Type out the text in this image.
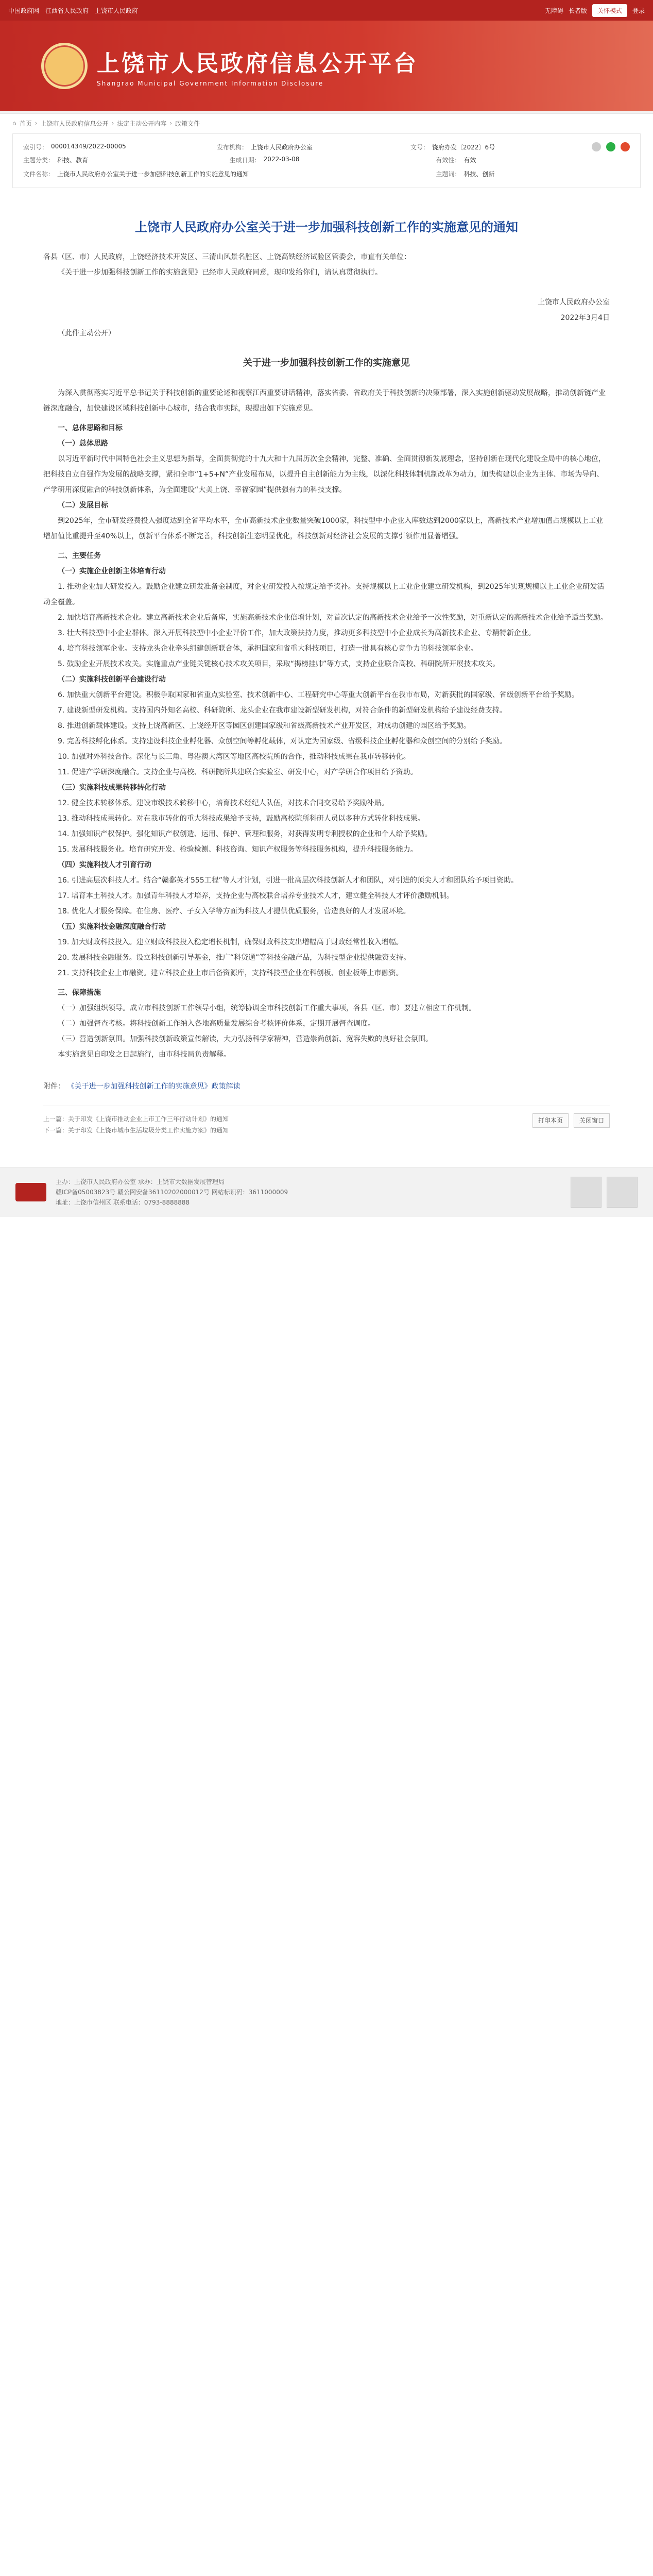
中国政府网 江西省人民政府 上饶市人民政府	无障碍 长者版	关怀模式	登录
上饶市人民政府信息公开平台
Shangrao Municipal Government Information Disclosure
⌂ 首页 › 上饶市人民政府信息公开 › 法定主动公开内容 › 政策文件
索引号： 000014349/2022-00005	发布机构： 上饶市人民政府办公室	文号： 饶府办发〔2022〕6号
主题分类： 科技、教育	生成日期： 2022-03-08	有效性： 有效
文件名称： 上饶市人民政府办公室关于进一步加强科技创新工作的实施意见的通知	主题词： 科技、创新
上饶市人民政府办公室关于进一步加强科技创新工作的实施意见的通知

各县（区、市）人民政府，上饶经济技术开发区、三清山风景名胜区、上饶高铁经济试验区管委会，市直有关单位：

《关于进一步加强科技创新工作的实施意见》已经市人民政府同意，现印发给你们，请认真贯彻执行。

上饶市人民政府办公室

2022年3月4日

（此件主动公开）

关于进一步加强科技创新工作的实施意见

为深入贯彻落实习近平总书记关于科技创新的重要论述和视察江西重要讲话精神，落实省委、省政府关于科技创新的决策部署，深入实施创新驱动发展战略，推动创新链产业链深度融合，加快建设区域科技创新中心城市，结合我市实际，现提出如下实施意见。

一、总体思路和目标

（一）总体思路

以习近平新时代中国特色社会主义思想为指导，全面贯彻党的十九大和十九届历次全会精神，完整、准确、全面贯彻新发展理念，坚持创新在现代化建设全局中的核心地位，把科技自立自强作为发展的战略支撑，紧扣全市“1+5+N”产业发展布局，以提升自主创新能力为主线，以深化科技体制机制改革为动力，加快构建以企业为主体、市场为导向、产学研用深度融合的科技创新体系，为全面建设“大美上饶、幸福家园”提供强有力的科技支撑。

（二）发展目标

到2025年，全市研发经费投入强度达到全省平均水平，全市高新技术企业数量突破1000家，科技型中小企业入库数达到2000家以上，高新技术产业增加值占规模以上工业增加值比重提升至40%以上，创新平台体系不断完善，科技创新生态明显优化，科技创新对经济社会发展的支撑引领作用显著增强。

二、主要任务

（一）实施企业创新主体培育行动

1. 推动企业加大研发投入。鼓励企业建立研发准备金制度，对企业研发投入按规定给予奖补。支持规模以上工业企业建立研发机构，到2025年实现规模以上工业企业研发活动全覆盖。

2. 加快培育高新技术企业。建立高新技术企业后备库，实施高新技术企业倍增计划，对首次认定的高新技术企业给予一次性奖励，对重新认定的高新技术企业给予适当奖励。

3. 壮大科技型中小企业群体。深入开展科技型中小企业评价工作，加大政策扶持力度，推动更多科技型中小企业成长为高新技术企业、专精特新企业。

4. 培育科技领军企业。支持龙头企业牵头组建创新联合体，承担国家和省重大科技项目，打造一批具有核心竞争力的科技领军企业。

5. 鼓励企业开展技术攻关。实施重点产业链关键核心技术攻关项目，采取“揭榜挂帅”等方式，支持企业联合高校、科研院所开展技术攻关。

（二）实施科技创新平台建设行动

6. 加快重大创新平台建设。积极争取国家和省重点实验室、技术创新中心、工程研究中心等重大创新平台在我市布局，对新获批的国家级、省级创新平台给予奖励。

7. 建设新型研发机构。支持国内外知名高校、科研院所、龙头企业在我市建设新型研发机构，对符合条件的新型研发机构给予建设经费支持。

8. 推进创新载体建设。支持上饶高新区、上饶经开区等园区创建国家级和省级高新技术产业开发区，对成功创建的园区给予奖励。

9. 完善科技孵化体系。支持建设科技企业孵化器、众创空间等孵化载体，对认定为国家级、省级科技企业孵化器和众创空间的分别给予奖励。

10. 加强对外科技合作。深化与长三角、粤港澳大湾区等地区高校院所的合作，推动科技成果在我市转移转化。

11. 促进产学研深度融合。支持企业与高校、科研院所共建联合实验室、研发中心，对产学研合作项目给予资助。

（三）实施科技成果转移转化行动

12. 健全技术转移体系。建设市级技术转移中心，培育技术经纪人队伍，对技术合同交易给予奖励补贴。

13. 推动科技成果转化。对在我市转化的重大科技成果给予支持，鼓励高校院所科研人员以多种方式转化科技成果。

14. 加强知识产权保护。强化知识产权创造、运用、保护、管理和服务，对获得发明专利授权的企业和个人给予奖励。

15. 发展科技服务业。培育研究开发、检验检测、科技咨询、知识产权服务等科技服务机构，提升科技服务能力。

（四）实施科技人才引育行动

16. 引进高层次科技人才。结合“赣鄱英才555工程”等人才计划，引进一批高层次科技创新人才和团队，对引进的顶尖人才和团队给予项目资助。

17. 培育本土科技人才。加强青年科技人才培养，支持企业与高校联合培养专业技术人才，建立健全科技人才评价激励机制。

18. 优化人才服务保障。在住房、医疗、子女入学等方面为科技人才提供优质服务，营造良好的人才发展环境。

（五）实施科技金融深度融合行动

19. 加大财政科技投入。建立财政科技投入稳定增长机制，确保财政科技支出增幅高于财政经常性收入增幅。

20. 发展科技金融服务。设立科技创新引导基金，推广“科贷通”等科技金融产品，为科技型企业提供融资支持。

21. 支持科技企业上市融资。建立科技企业上市后备资源库，支持科技型企业在科创板、创业板等上市融资。

三、保障措施

（一）加强组织领导。成立市科技创新工作领导小组，统筹协调全市科技创新工作重大事项，各县（区、市）要建立相应工作机制。

（二）加强督查考核。将科技创新工作纳入各地高质量发展综合考核评价体系，定期开展督查调度。

（三）营造创新氛围。加强科技创新政策宣传解读，大力弘扬科学家精神，营造崇尚创新、宽容失败的良好社会氛围。

本实施意见自印发之日起施行，由市科技局负责解释。

附件： 《关于进一步加强科技创新工作的实施意见》政策解读
上一篇：关于印发《上饶市推动企业上市工作三年行动计划》的通知
下一篇：关于印发《上饶市城市生活垃圾分类工作实施方案》的通知
打印本页	关闭窗口
主办：上饶市人民政府办公室 承办：上饶市大数据发展管理局
赣ICP备05003823号 赣公网安备36110202000012号 网站标识码：3611000009
地址：上饶市信州区 联系电话：0793-8888888
